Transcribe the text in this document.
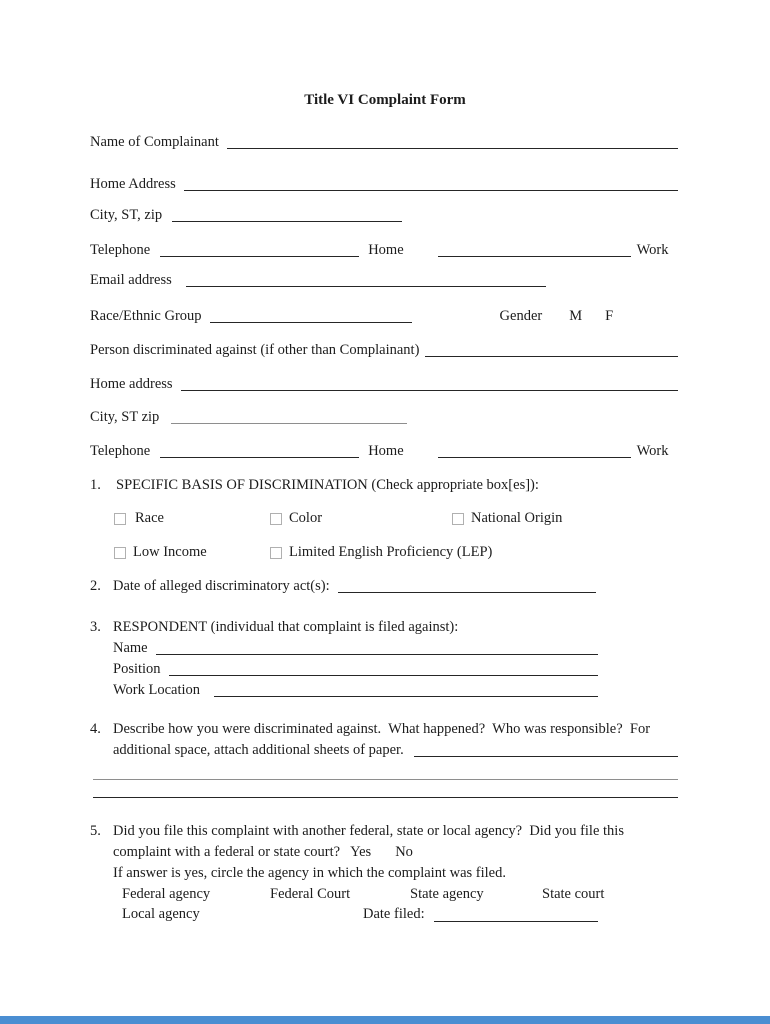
Title VI Complaint Form
Name of Complainant
Home Address
City, ST, zip
Telephone	Home	Work
Email address
Race/Ethnic Group	Gender M F
Person discriminated against (if other than Complainant)
Home address
City, ST zip
Telephone	Home	Work
1.	SPECIFIC BASIS OF DISCRIMINATION (Check appropriate box[es]):
Race	Color	National Origin
Low Income	Limited English Proficiency (LEP)
2. Date of alleged discriminatory act(s):
3. RESPONDENT (individual that complaint is filed against):
Name
Position
Work Location
4. Describe how you were discriminated against.  What happened?  Who was responsible?  For
additional space, attach additional sheets of paper.
5. Did you file this complaint with another federal, state or local agency?  Did you file this
complaint with a federal or state court? Yes No
If answer is yes, circle the agency in which the complaint was filed.
Federal agency	Federal Court	State agency	State court
Local agency	Date filed:
